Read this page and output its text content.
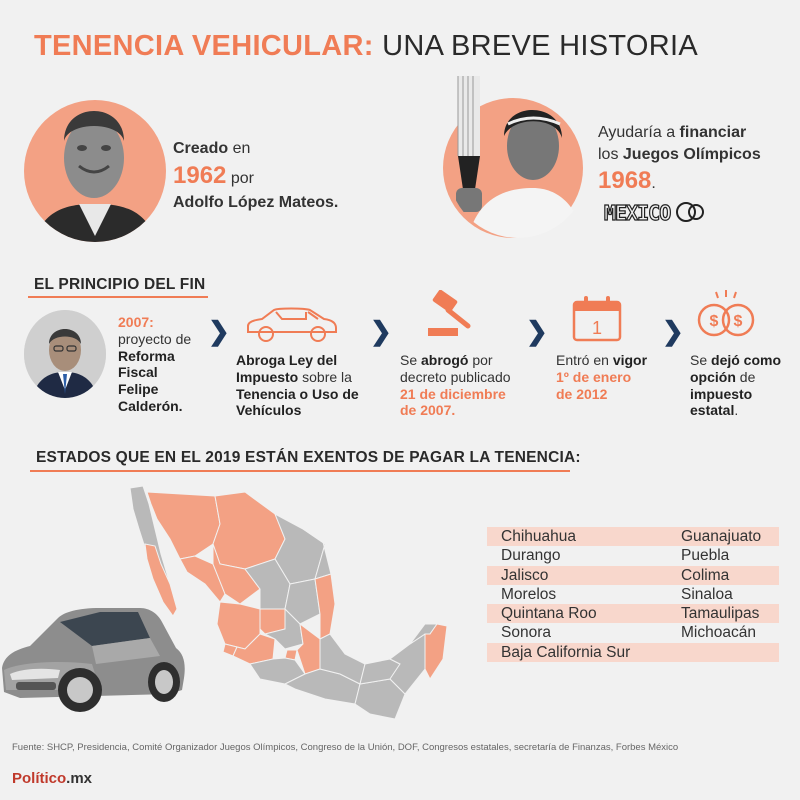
TENENCIA VEHICULAR: UNA BREVE HISTORIA
Creado en
1962 por
Adolfo López Mateos.
Ayudaría a financiar
los Juegos Olímpicos
1968.
MEXICO
EL PRINCIPIO DEL FIN
2007:
proyecto de
Reforma
Fiscal
Felipe
Calderón.
❯
Abroga Ley del
Impuesto sobre la
Tenencia o Uso de
Vehículos
❯
Se abrogó por
decreto publicado
21 de diciembre
de 2007.
❯ 1
Entró en vigor
1º de enero
de 2012
❯ $ $
Se dejó como
opción de
impuesto
estatal.
ESTADOS QUE EN EL 2019 ESTÁN EXENTOS DE PAGAR LA TENENCIA:
Chihuahua
Durango
Jalisco
Morelos
Quintana Roo
Sonora
Baja California Sur
Guanajuato
Puebla
Colima
Sinaloa
Tamaulipas
Michoacán
Fuente: SHCP, Presidencia, Comité Organizador Juegos Olímpicos, Congreso de la Unión, DOF, Congresos estatales, secretaría de Finanzas, Forbes México
Político.mx
